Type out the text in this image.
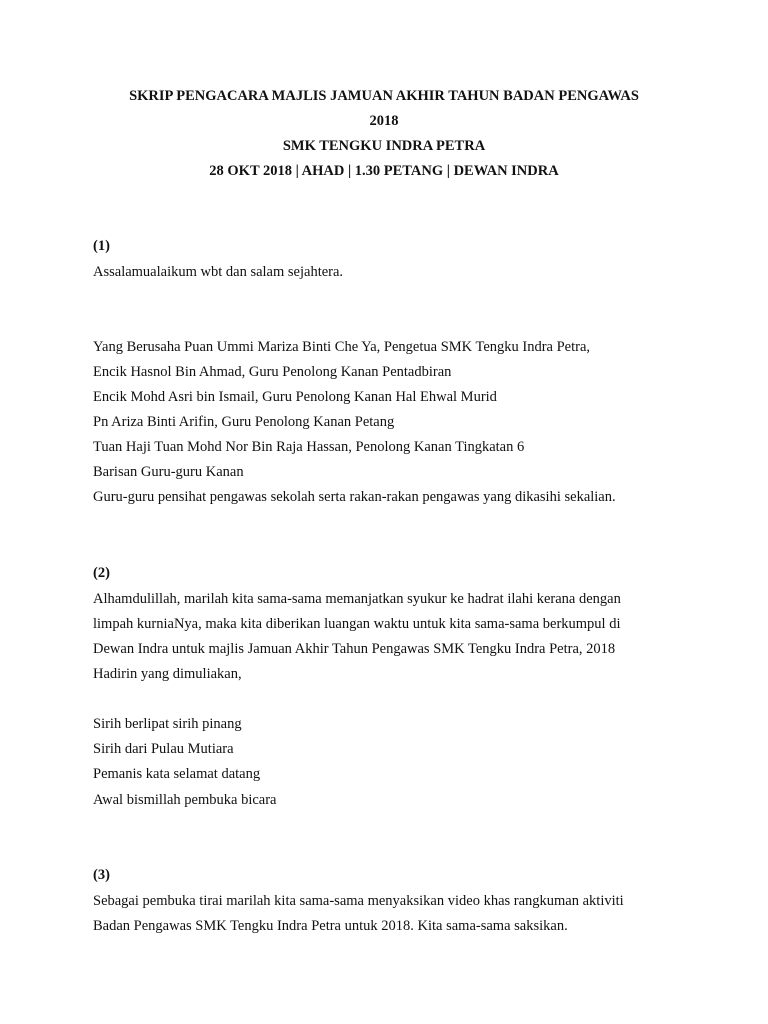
SKRIP PENGACARA MAJLIS JAMUAN AKHIR TAHUN BADAN PENGAWAS
2018
SMK TENGKU INDRA PETRA
28 OKT 2018 | AHAD | 1.30 PETANG | DEWAN INDRA
(1)
Assalamualaikum wbt dan salam sejahtera.
Yang Berusaha Puan Ummi Mariza Binti Che Ya, Pengetua SMK Tengku Indra Petra,
Encik Hasnol Bin Ahmad, Guru Penolong Kanan Pentadbiran
Encik Mohd Asri bin Ismail, Guru Penolong Kanan Hal Ehwal Murid
Pn Ariza Binti Arifin, Guru Penolong Kanan Petang
Tuan Haji Tuan Mohd Nor Bin Raja Hassan, Penolong Kanan Tingkatan 6
Barisan Guru-guru Kanan
Guru-guru pensihat pengawas sekolah serta rakan-rakan pengawas yang dikasihi sekalian.
(2)
Alhamdulillah, marilah kita sama-sama memanjatkan syukur ke hadrat ilahi kerana dengan
limpah kurniaNya, maka kita diberikan luangan waktu untuk kita sama-sama berkumpul di
Dewan Indra untuk majlis Jamuan Akhir Tahun Pengawas SMK Tengku Indra Petra, 2018
Hadirin yang dimuliakan,
Sirih berlipat sirih pinang
Sirih dari Pulau Mutiara
Pemanis kata selamat datang
Awal bismillah pembuka bicara
(3)
Sebagai pembuka tirai marilah kita sama-sama menyaksikan video khas rangkuman aktiviti
Badan Pengawas SMK Tengku Indra Petra untuk 2018. Kita sama-sama saksikan.
